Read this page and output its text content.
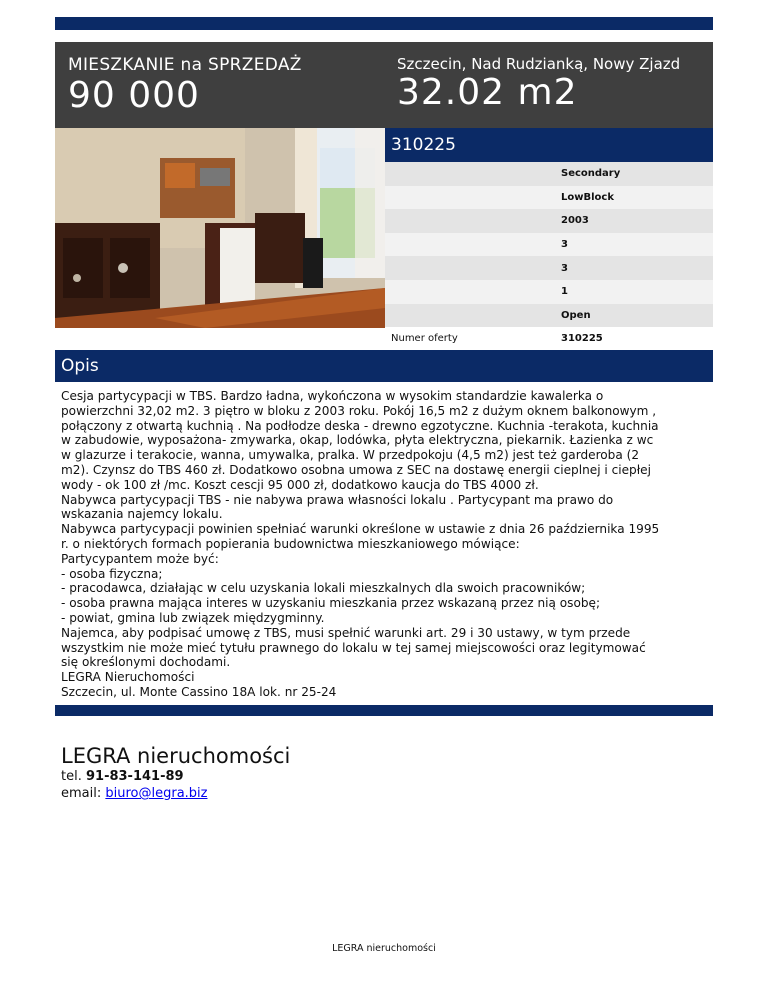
MIESZKANIE na SPRZEDAŻ
90 000
Szczecin, Nad Rudzianką, Nowy Zjazd
32.02 m2
310225
Secondary
LowBlock
2003
3
3
1
Open
Numer oferty	310225
Opis
Cesja partycypacji w TBS. Bardzo ładna, wykończona w wysokim standardzie kawalerka o
powierzchni 32,02 m2. 3 piętro w bloku z 2003 roku. Pokój 16,5 m2 z dużym oknem balkonowym ,
połączony z otwartą kuchnią . Na podłodze deska - drewno egzotyczne. Kuchnia -terakota, kuchnia
w zabudowie, wyposażona- zmywarka, okap, lodówka, płyta elektryczna, piekarnik. Łazienka z wc
w glazurze i terakocie, wanna, umywalka, pralka. W przedpokoju (4,5 m2) jest też garderoba (2
m2). Czynsz do TBS 460 zł. Dodatkowo osobna umowa z SEC na dostawę energii cieplnej i ciepłej
wody - ok 100 zł /mc. Koszt cescji 95 000 zł, dodatkowo kaucja do TBS 4000 zł.
Nabywca partycypacji TBS - nie nabywa prawa własności lokalu . Partycypant ma prawo do
wskazania najemcy lokalu.
Nabywca partycypacji powinien spełniać warunki określone w ustawie z dnia 26 października 1995
r. o niektórych formach popierania budownictwa mieszkaniowego mówiące:
Partycypantem może być:
- osoba fizyczna;
- pracodawca, działając w celu uzyskania lokali mieszkalnych dla swoich pracowników;
- osoba prawna mająca interes w uzyskaniu mieszkania przez wskazaną przez nią osobę;
- powiat, gmina lub związek międzygminny.
Najemca, aby podpisać umowę z TBS, musi spełnić warunki art. 29 i 30 ustawy, w tym przede
wszystkim nie może mieć tytułu prawnego do lokalu w tej samej miejscowości oraz legitymować
się określonymi dochodami.
LEGRA Nieruchomości
Szczecin, ul. Monte Cassino 18A lok. nr 25-24
LEGRA nieruchomości
tel. 91-83-141-89
email: biuro@legra.biz
LEGRA nieruchomości
